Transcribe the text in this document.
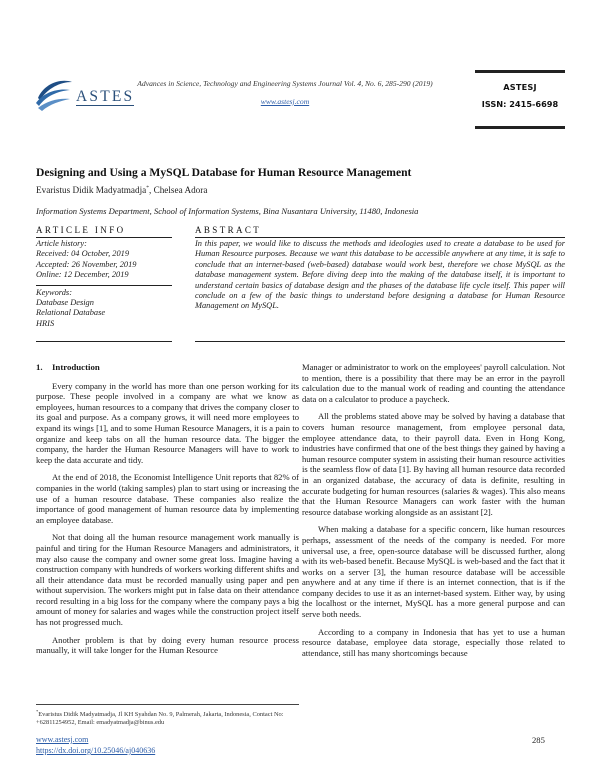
ASTES
Advances in Science, Technology and Engineering Systems Journal Vol. 4, No. 6, 285-290 (2019)
www.astesj.com
ASTESJ
ISSN: 2415-6698
Designing and Using a MySQL Database for Human Resource Management
Evaristus Didik Madyatmadja*, Chelsea Adora
Information Systems Department, School of Information Systems, Bina Nusantara University, 11480, Indonesia
ARTICLE INFO
Article history:
Received: 04 October, 2019
Accepted: 26 November, 2019
Online: 12 December, 2019
Keywords:
Database Design
Relational Database
HRIS
ABSTRACT
In this paper, we would like to discuss the methods and ideologies used to create a database to be used for Human Resource purposes. Because we want this database to be accessible anywhere at any time, it is safe to conclude that an internet-based (web-based) database would work best, therefore we chose MySQL as the database management system. Before diving deep into the making of the database itself, it is important to understand certain basics of database design and the phases of the database life cycle itself. This paper will conclude on a few of the basic things to understand before designing a database for Human Resource Management on MySQL.
1. Introduction

Every company in the world has more than one person working for its purpose. These people involved in a company are what we know as employees, human resources to a company that drives the company closer to its goal and purpose. As a company grows, it will need more employees to expand its wings [1], and to some Human Resource Managers, it is a pain to organize and keep tabs on all the human resource data. The bigger the company, the harder the Human Resource Managers will have to work to keep the data accurate and tidy.

At the end of 2018, the Economist Intelligence Unit reports that 82% of companies in the world (taking samples) plan to start using or increasing the use of a human resource database. These companies also realize the importance of good management of human resource data by implementing an employee database.

Not that doing all the human resource management work manually is painful and tiring for the Human Resource Managers and administrators, it may also cause the company and owner some great loss. Imagine having a construction company with hundreds of workers working different shifts and all their attendance data must be recorded manually using paper and pen without supervision. The workers might put in false data on their attendance record resulting in a big loss for the company where the company pays a big amount of money for salaries and wages while the construction project itself has not progressed much.

Another problem is that by doing every human resource process manually, it will take longer for the Human Resource

Manager or administrator to work on the employees' payroll calculation. Not to mention, there is a possibility that there may be an error in the payroll calculation due to the manual work of reading and counting the attendance data on a calculator to produce a paycheck.

All the problems stated above may be solved by having a database that covers human resource management, from employee personal data, employee attendance data, to their payroll data. Even in Hong Kong, industries have confirmed that one of the best things they gained by having a human resource computer system in assisting their human resource activities is the seamless flow of data [1]. By having all human resource data recorded in an organized database, the accuracy of data is definite, resulting in accurate budgeting for human resources (salaries & wages). This also means that the Human Resource Managers can work faster with the human resource database working alongside as an assistant [2].

When making a database for a specific concern, like human resources perhaps, assessment of the needs of the company is needed. For more universal use, a free, open-source database will be discussed further, along with its web-based benefit. Because MySQL is web-based and the fact that it works on a server [3], the human resource database will be accessible anywhere and at any time if there is an internet connection, that is if the company decides to use it as an internet-based system. Either way, by using the localhost or the internet, MySQL has a more general purpose and can serve both needs.

According to a company in Indonesia that has yet to use a human resource database, employee data storage, especially those related to attendance, still has many shortcomings because

*Evaristus Didik Madyatmadja, Jl KH Syahdan No. 9, Palmerah, Jakarta, Indonesia, Contact No: +62811254952, Email: emadyatmadja@binus.edu
www.astesj.com
https://dx.doi.org/10.25046/aj040636
285
